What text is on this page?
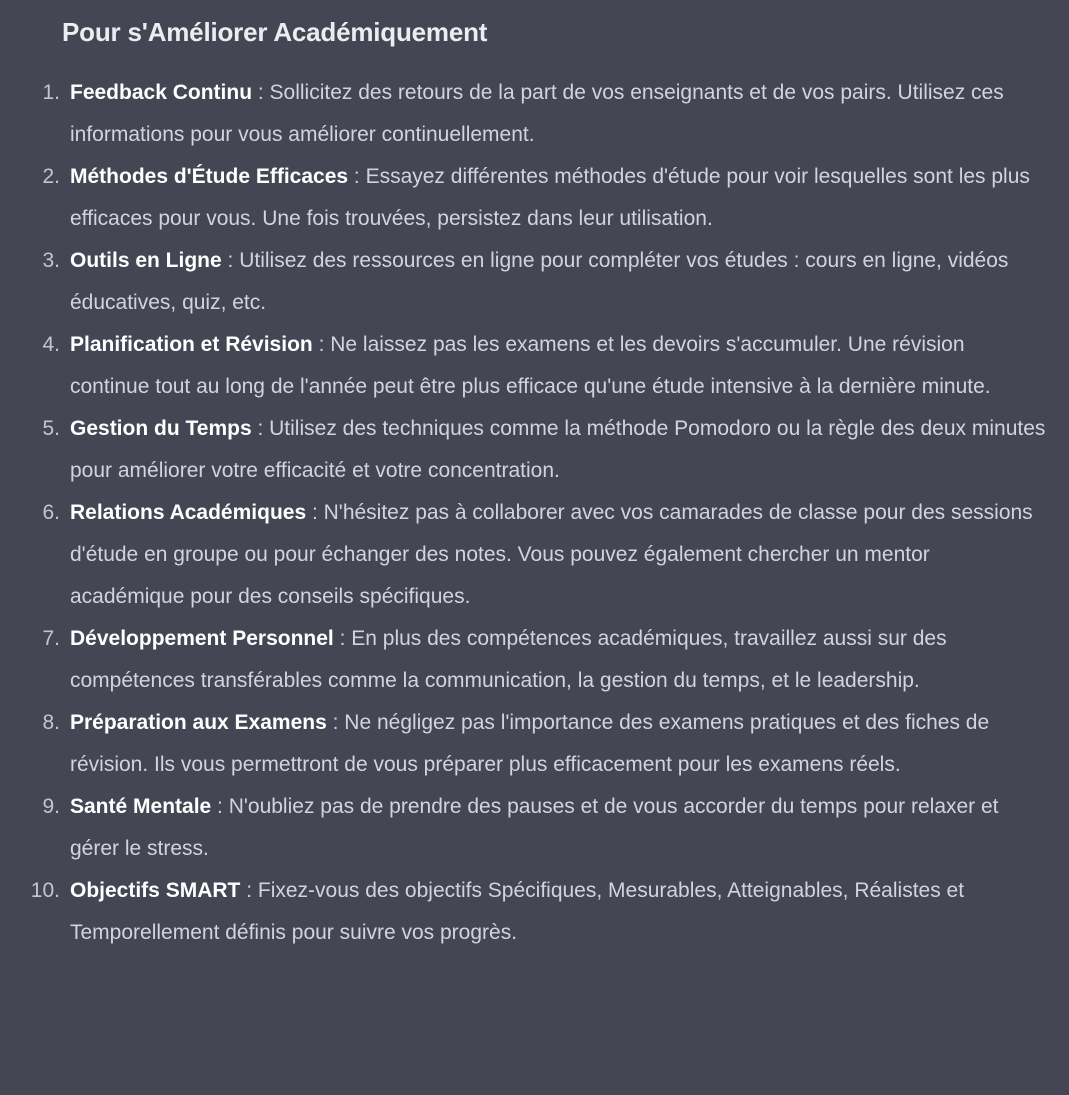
Pour s'Améliorer Académiquement
1. Feedback Continu : Sollicitez des retours de la part de vos enseignants et de vos pairs. Utilisez ces informations pour vous améliorer continuellement.
2. Méthodes d'Étude Efficaces : Essayez différentes méthodes d'étude pour voir lesquelles sont les plus efficaces pour vous. Une fois trouvées, persistez dans leur utilisation.
3. Outils en Ligne : Utilisez des ressources en ligne pour compléter vos études : cours en ligne, vidéos éducatives, quiz, etc.
4. Planification et Révision : Ne laissez pas les examens et les devoirs s'accumuler. Une révision continue tout au long de l'année peut être plus efficace qu'une étude intensive à la dernière minute.
5. Gestion du Temps : Utilisez des techniques comme la méthode Pomodoro ou la règle des deux minutes pour améliorer votre efficacité et votre concentration.
6. Relations Académiques : N'hésitez pas à collaborer avec vos camarades de classe pour des sessions d'étude en groupe ou pour échanger des notes. Vous pouvez également chercher un mentor académique pour des conseils spécifiques.
7. Développement Personnel : En plus des compétences académiques, travaillez aussi sur des compétences transférables comme la communication, la gestion du temps, et le leadership.
8. Préparation aux Examens : Ne négligez pas l'importance des examens pratiques et des fiches de révision. Ils vous permettront de vous préparer plus efficacement pour les examens réels.
9. Santé Mentale : N'oubliez pas de prendre des pauses et de vous accorder du temps pour relaxer et gérer le stress.
10. Objectifs SMART : Fixez-vous des objectifs Spécifiques, Mesurables, Atteignables, Réalistes et Temporellement définis pour suivre vos progrès.
